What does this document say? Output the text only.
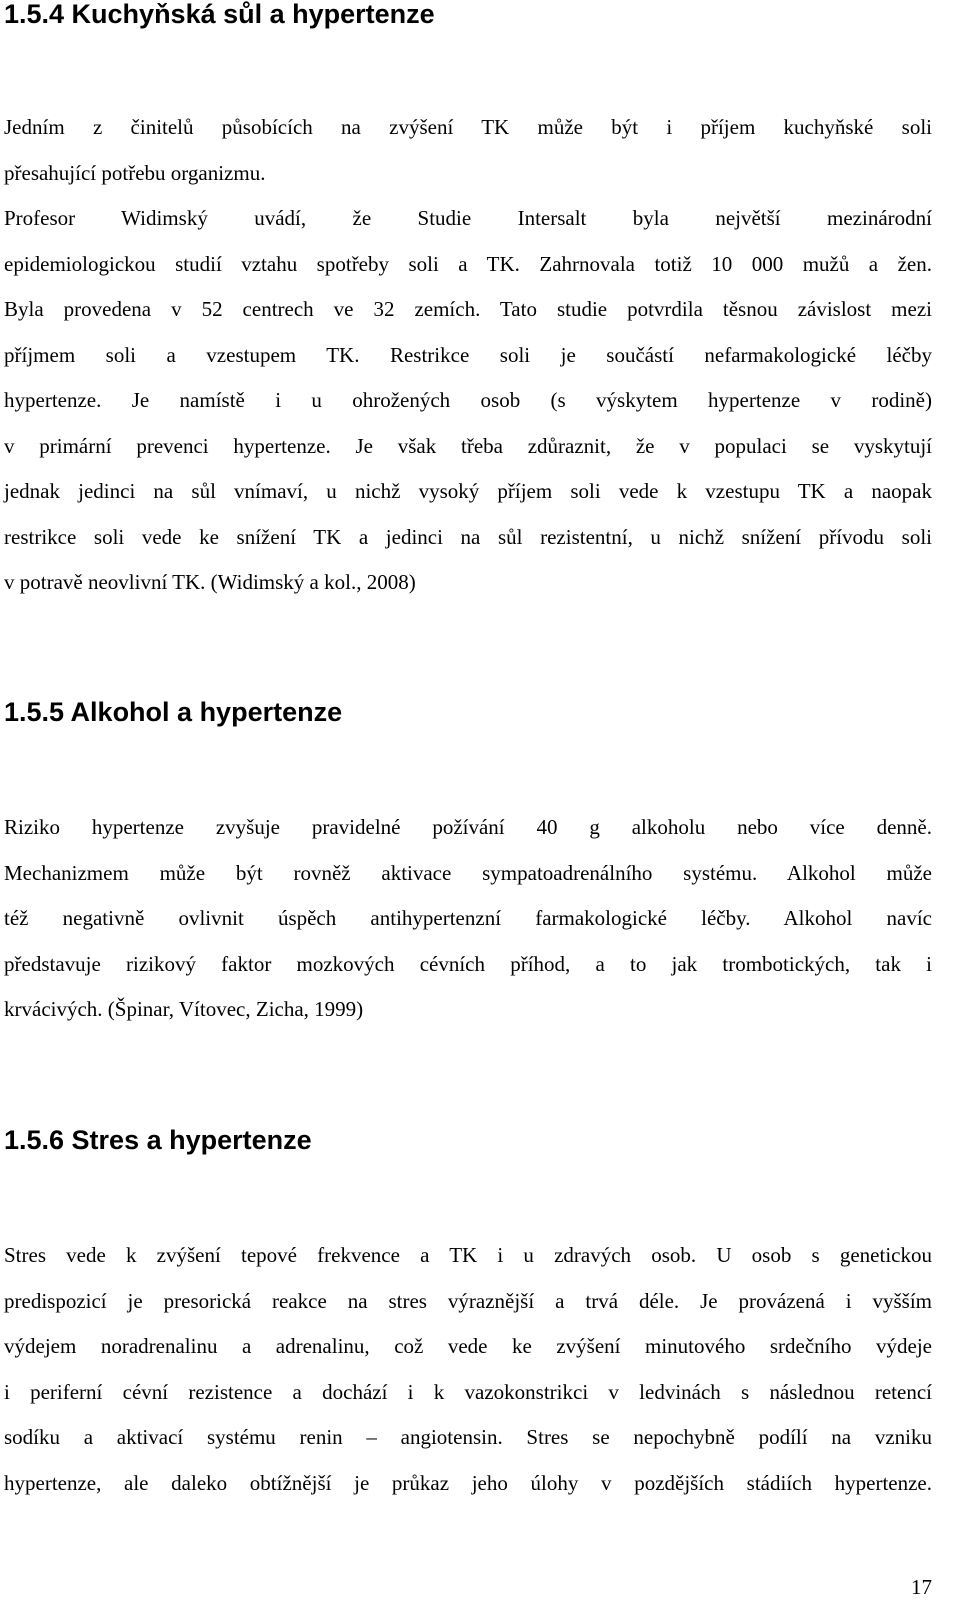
1.5.4 Kuchyňská sůl a hypertenze
Jedním z činitelů působících na zvýšení TK může být i příjem kuchyňské soli
přesahující potřebu organizmu.
Profesor Widimský uvádí, že Studie Intersalt byla největší mezinárodní
epidemiologickou studií vztahu spotřeby soli a TK. Zahrnovala totiž 10 000 mužů a žen.
Byla provedena v 52 centrech ve 32 zemích. Tato studie potvrdila těsnou závislost mezi
příjmem soli a vzestupem TK. Restrikce soli je součástí nefarmakologické léčby
hypertenze. Je namístě i u ohrožených osob (s výskytem hypertenze v rodině)
v primární prevenci hypertenze. Je však třeba zdůraznit, že v populaci se vyskytují
jednak jedinci na sůl vnímaví, u nichž vysoký příjem soli vede k vzestupu TK a naopak
restrikce soli vede ke snížení TK a jedinci na sůl rezistentní, u nichž snížení přívodu soli
v potravě neovlivní TK. (Widimský a kol., 2008)
1.5.5 Alkohol a hypertenze
Riziko hypertenze zvyšuje pravidelné požívání 40 g alkoholu nebo více denně.
Mechanizmem může být rovněž aktivace sympatoadrenálního systému. Alkohol může
též negativně ovlivnit úspěch antihypertenzní farmakologické léčby. Alkohol navíc
představuje rizikový faktor mozkových cévních příhod, a to jak trombotických, tak i
krvácivých. (Špinar, Vítovec, Zicha, 1999)
1.5.6 Stres a hypertenze
Stres vede k zvýšení tepové frekvence a TK i u zdravých osob. U osob s genetickou
predispozicí je presorická reakce na stres výraznější a trvá déle. Je provázená i vyšším
výdejem noradrenalinu a adrenalinu, což vede ke zvýšení minutového srdečního výdeje
i periferní cévní rezistence a dochází i k vazokonstrikci v ledvinách s následnou retencí
sodíku a aktivací systému renin – angiotensin. Stres se nepochybně podílí na vzniku
hypertenze, ale daleko obtížnější je průkaz jeho úlohy v pozdějších stádiích hypertenze.
17
